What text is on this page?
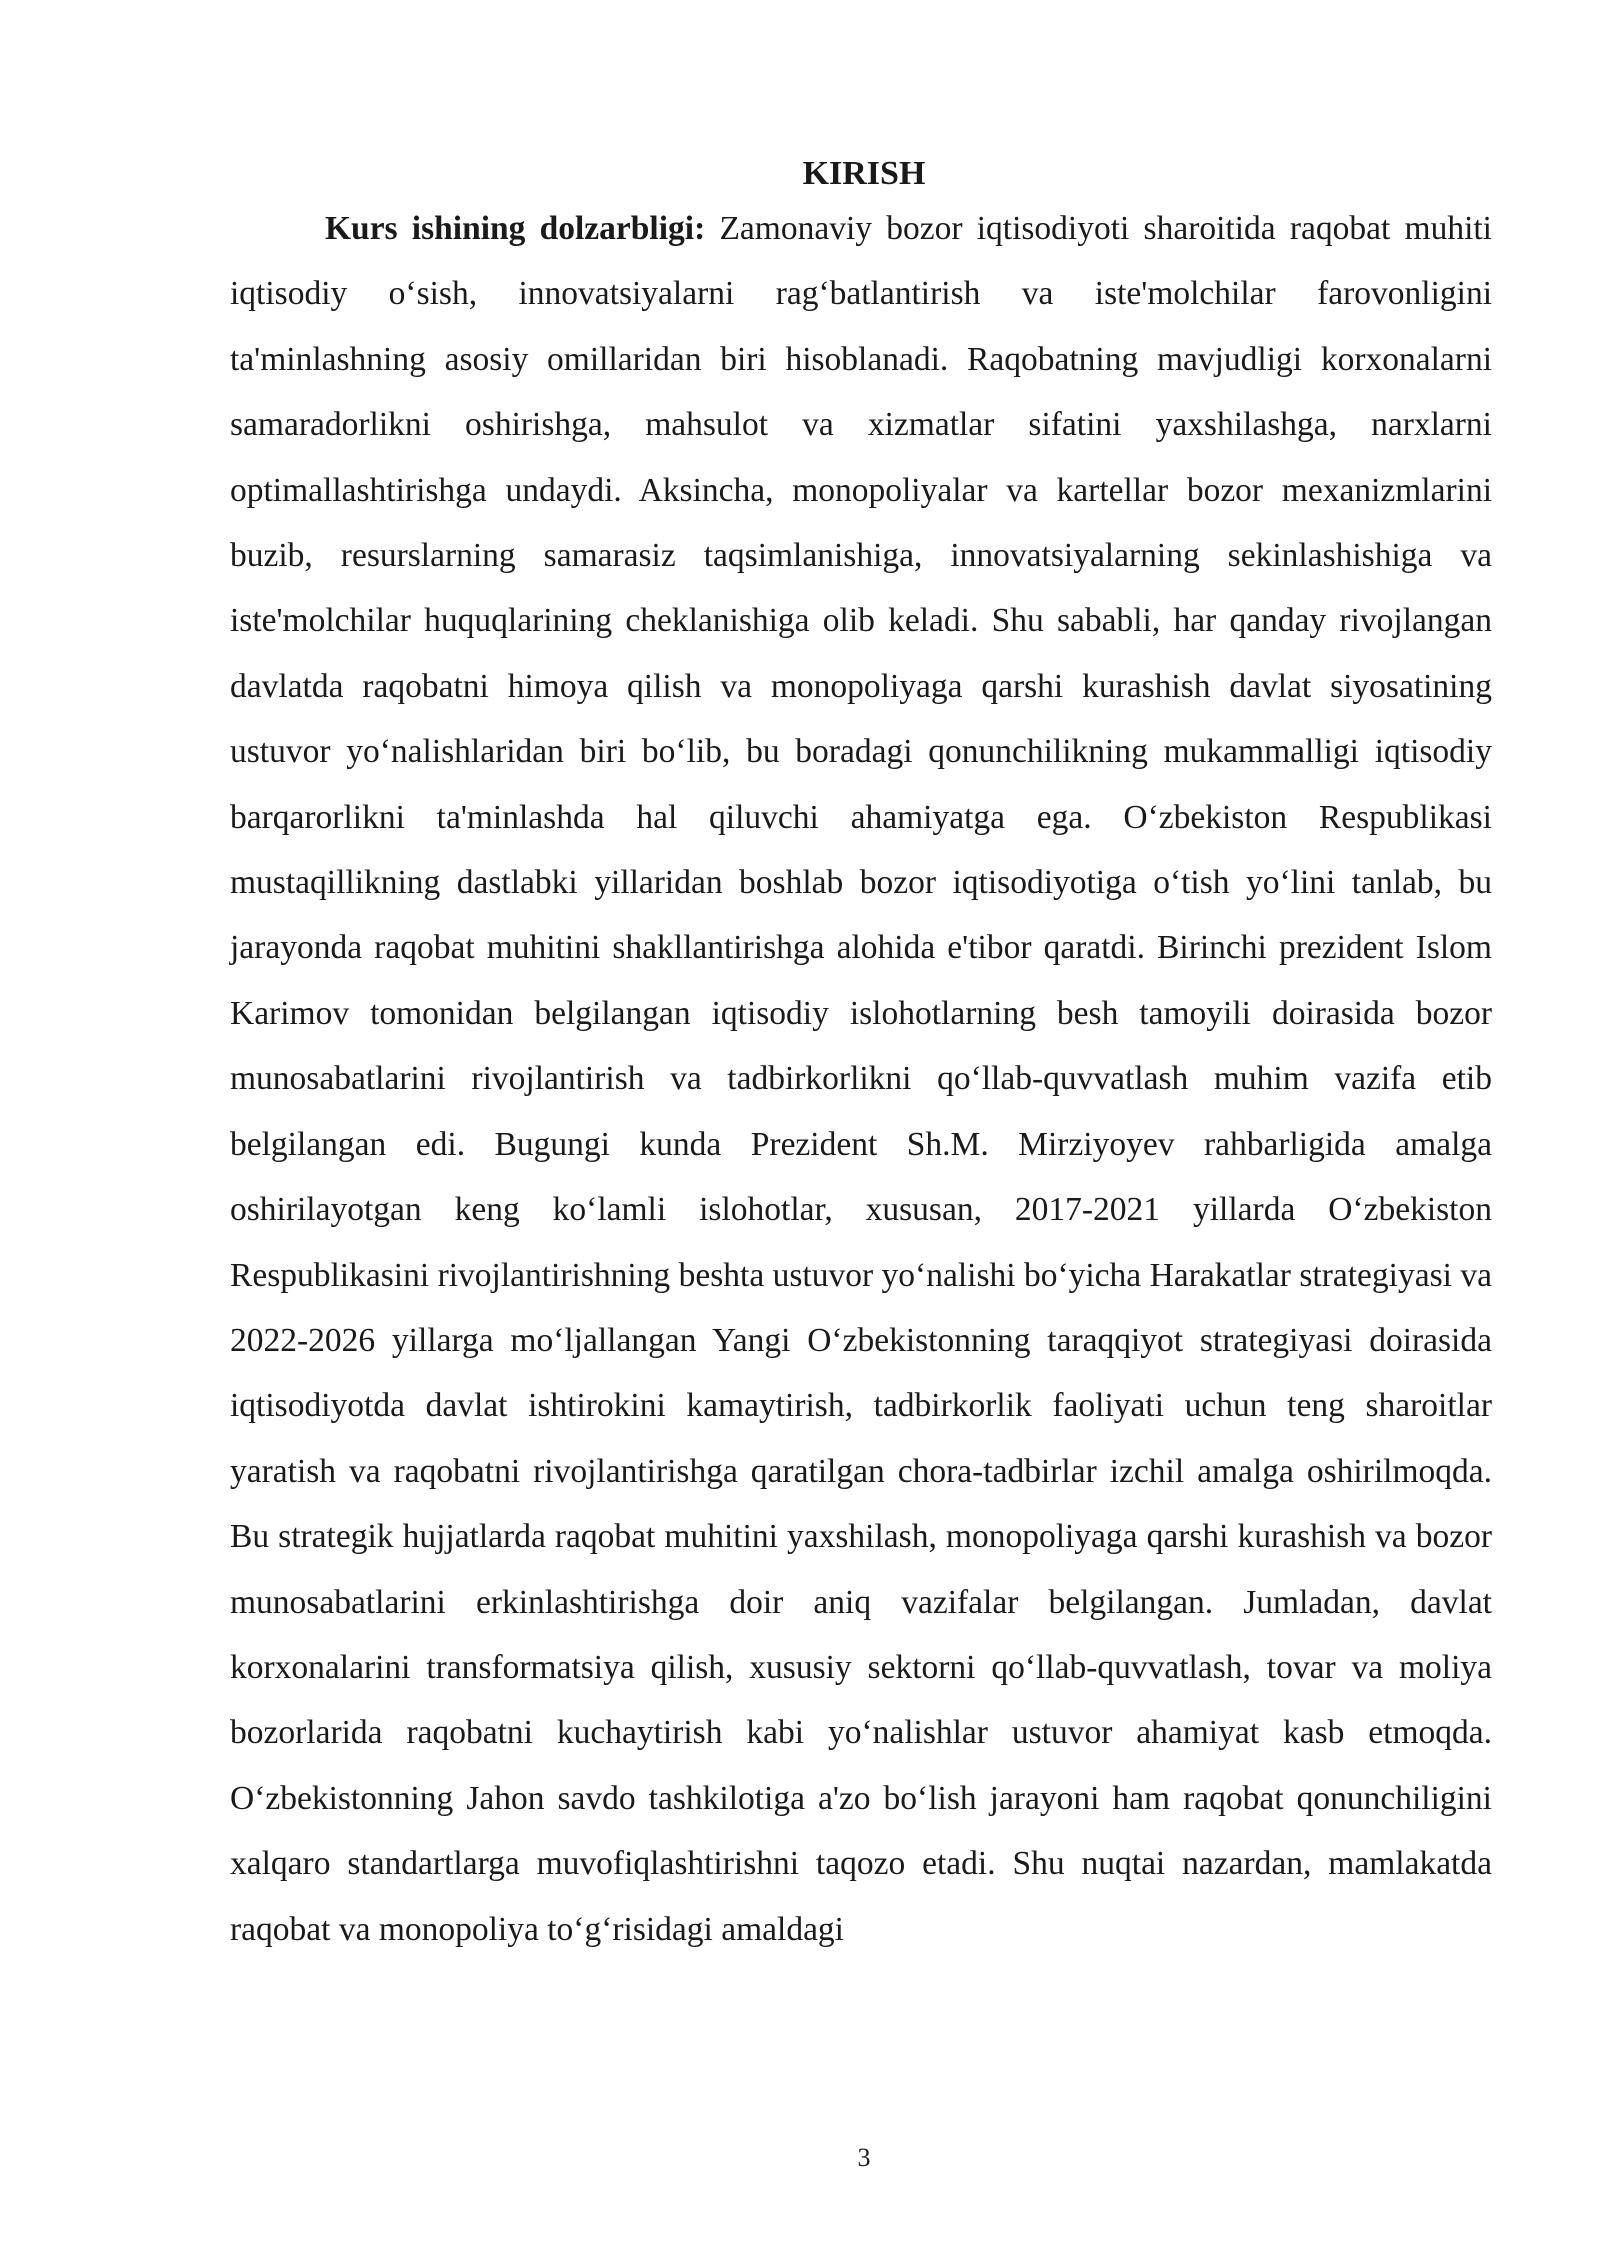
KIRISH

Kurs ishining dolzarbligi: Zamonaviy bozor iqtisodiyoti sharoitida raqobat muhiti iqtisodiy o‘sish, innovatsiyalarni rag‘batlantirish va iste'molchilar farovonligini ta'minlashning asosiy omillaridan biri hisoblanadi. Raqobatning mavjudligi korxonalarni samaradorlikni oshirishga, mahsulot va xizmatlar sifatini yaxshilashga, narxlarni optimallashtirishga undaydi. Aksincha, monopoliyalar va kartellar bozor mexanizmlarini buzib, resurslarning samarasiz taqsimlanishiga, innovatsiyalarning sekinlashishiga va iste'molchilar huquqlarining cheklanishiga olib keladi. Shu sababli, har qanday rivojlangan davlatda raqobatni himoya qilish va monopoliyaga qarshi kurashish davlat siyosatining ustuvor yo‘nalishlaridan biri bo‘lib, bu boradagi qonunchilikning mukammalligi iqtisodiy barqarorlikni ta'minlashda hal qiluvchi ahamiyatga ega. O‘zbekiston Respublikasi mustaqillikning dastlabki yillaridan boshlab bozor iqtisodiyotiga o‘tish yo‘lini tanlab, bu jarayonda raqobat muhitini shakllantirishga alohida e'tibor qaratdi. Birinchi prezident Islom Karimov tomonidan belgilangan iqtisodiy islohotlarning besh tamoyili doirasida bozor munosabatlarini rivojlantirish va tadbirkorlikni qo‘llab-quvvatlash muhim vazifa etib belgilangan edi. Bugungi kunda Prezident Sh.M. Mirziyoyev rahbarligida amalga oshirilayotgan keng ko‘lamli islohotlar, xususan, 2017-2021 yillarda O‘zbekiston Respublikasini rivojlantirishning beshta ustuvor yo‘nalishi bo‘yicha Harakatlar strategiyasi va 2022-2026 yillarga mo‘ljallangan Yangi O‘zbekistonning taraqqiyot strategiyasi doirasida iqtisodiyotda davlat ishtirokini kamaytirish, tadbirkorlik faoliyati uchun teng sharoitlar yaratish va raqobatni rivojlantirishga qaratilgan chora-tadbirlar izchil amalga oshirilmoqda. Bu strategik hujjatlarda raqobat muhitini yaxshilash, monopoliyaga qarshi kurashish va bozor munosabatlarini erkinlashtirishga doir aniq vazifalar belgilangan. Jumladan, davlat korxonalarini transformatsiya qilish, xususiy sektorni qo‘llab-quvvatlash, tovar va moliya bozorlarida raqobatni kuchaytirish kabi yo‘nalishlar ustuvor ahamiyat kasb etmoqda. O‘zbekistonning Jahon savdo tashkilotiga a'zo bo‘lish jarayoni ham raqobat qonunchiligini xalqaro standartlarga muvofiqlashtirishni taqozo etadi. Shu nuqtai nazardan, mamlakatda raqobat va monopoliya to‘g‘risidagi amaldagi

3
